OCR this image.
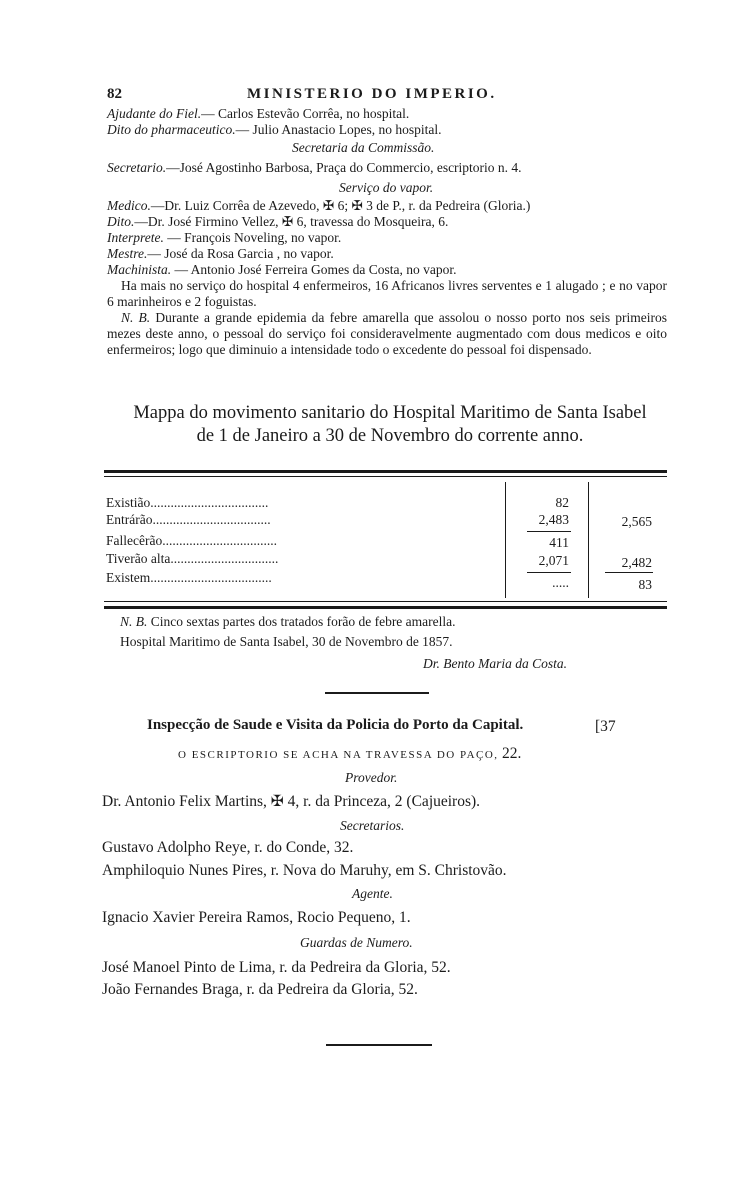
82	MINISTERIO DO IMPERIO.
Ajudante do Fiel.— Carlos Estevão Corrêa, no hospital.
Dito do pharmaceutico.— Julio Anastacio Lopes, no hospital.
Secretaria da Commissão.
Secretario.—José Agostinho Barbosa, Praça do Commercio, escriptorio n. 4.
Serviço do vapor.
Medico.—Dr. Luiz Corrêa de Azevedo, ✠ 6; ✠ 3 de P., r. da Pedreira (Gloria.)
Dito.—Dr. José Firmino Vellez, ✠ 6, travessa do Mosqueira, 6.
Interprete. — François Noveling, no vapor.
Mestre.— José da Rosa Garcia , no vapor.
Machinista. — Antonio José Ferreira Gomes da Costa, no vapor.
Ha mais no serviço do hospital 4 enfermeiros, 16 Africanos livres serventes e 1 alugado ; e no vapor 6 marinheiros e 2 foguistas.
N. B. Durante a grande epidemia da febre amarella que assolou o nosso porto nos seis primeiros mezes deste anno, o pessoal do serviço foi consideravelmente augmentado com dous medicos e oito enfermeiros; logo que diminuio a intensidade todo o excedente do pessoal foi dispensado.
Mappa do movimento sanitario do Hospital Maritimo de Santa Isabel
de 1 de Janeiro a 30 de Novembro do corrente anno.
Existião...................................	82
Entrárão...................................	2,483	2,565
Fallecêrão..................................	411
Tiverão alta................................	2,071	2,482
Existem....................................	.....	83
N. B. Cinco sextas partes dos tratados forão de febre amarella.
Hospital Maritimo de Santa Isabel, 30 de Novembro de 1857.
Dr. Bento Maria da Costa.
Inspecção de Saude e Visita da Policia do Porto da Capital.	[37
O ESCRIPTORIO SE ACHA NA TRAVESSA DO PAÇO, 22.
Provedor.
Dr. Antonio Felix Martins, ✠ 4, r. da Princeza, 2 (Cajueiros).
Secretarios.
Gustavo Adolpho Reye, r. do Conde, 32.
Amphiloquio Nunes Pires, r. Nova do Maruhy, em S. Christovão.
Agente.
Ignacio Xavier Pereira Ramos, Rocio Pequeno, 1.
Guardas de Numero.
José Manoel Pinto de Lima, r. da Pedreira da Gloria, 52.
João Fernandes Braga, r. da Pedreira da Gloria, 52.
